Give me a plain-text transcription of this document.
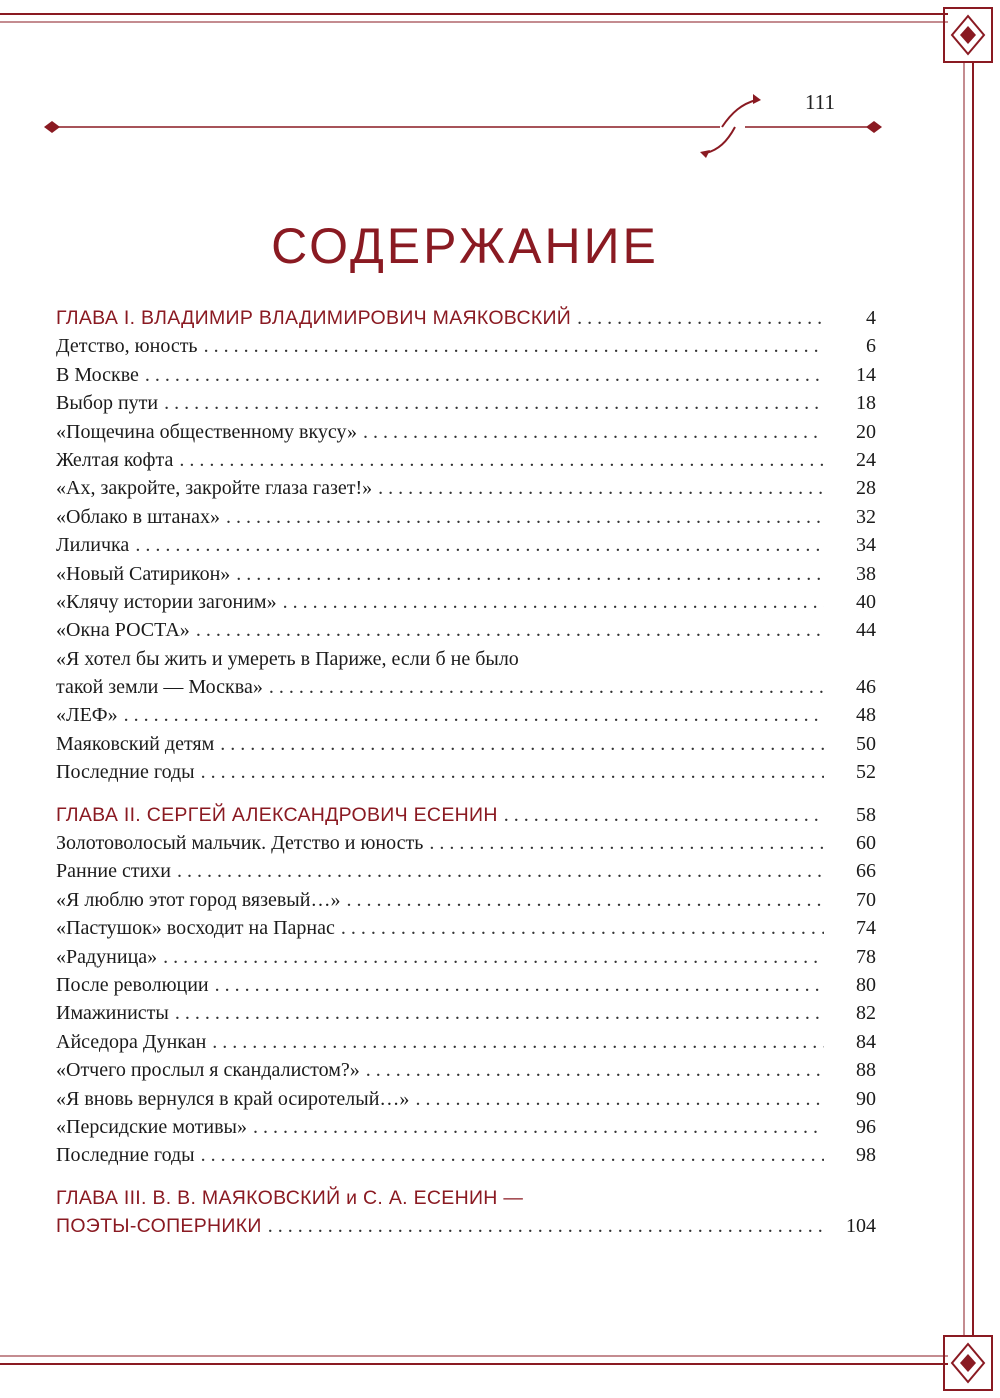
111
СОДЕРЖАНИЕ
ГЛАВА I. ВЛАДИМИР ВЛАДИМИРОВИЧ МАЯКОВСКИЙ . . .	4
Детство, юность . . .	6
В Москве . . .	14
Выбор пути . . .	18
«Пощечина общественному вкусу» . . .	20
Желтая кофта . . .	24
«Ах, закройте, закройте глаза газет!» . . .	28
«Облако в штанах» . . .	32
Лиличка . . .	34
«Новый Сатирикон» . . .	38
«Клячу истории загоним» . . .	40
«Окна РОСТА» . . .	44
«Я хотел бы жить и умереть в Париже, если б не было
такой земли — Москва» . . .	46
«ЛЕФ» . . .	48
Маяковский детям . . .	50
Последние годы . . .	52
ГЛАВА II. СЕРГЕЙ АЛЕКСАНДРОВИЧ ЕСЕНИН . . .	58
Золотоволосый мальчик. Детство и юность . . .	60
Ранние стихи . . .	66
«Я люблю этот город вязевый…» . . .	70
«Пастушок» восходит на Парнас . . .	74
«Радуница» . . .	78
После революции . . .	80
Имажинисты . . .	82
Айседора Дункан . . .	84
«Отчего прослыл я скандалистом?» . . .	88
«Я вновь вернулся в край осиротелый…» . . .	90
«Персидские мотивы» . . .	96
Последние годы . . .	98
ГЛАВА III. В. В. МАЯКОВСКИЙ и С. А. ЕСЕНИН —
ПОЭТЫ-СОПЕРНИКИ . . .	104
